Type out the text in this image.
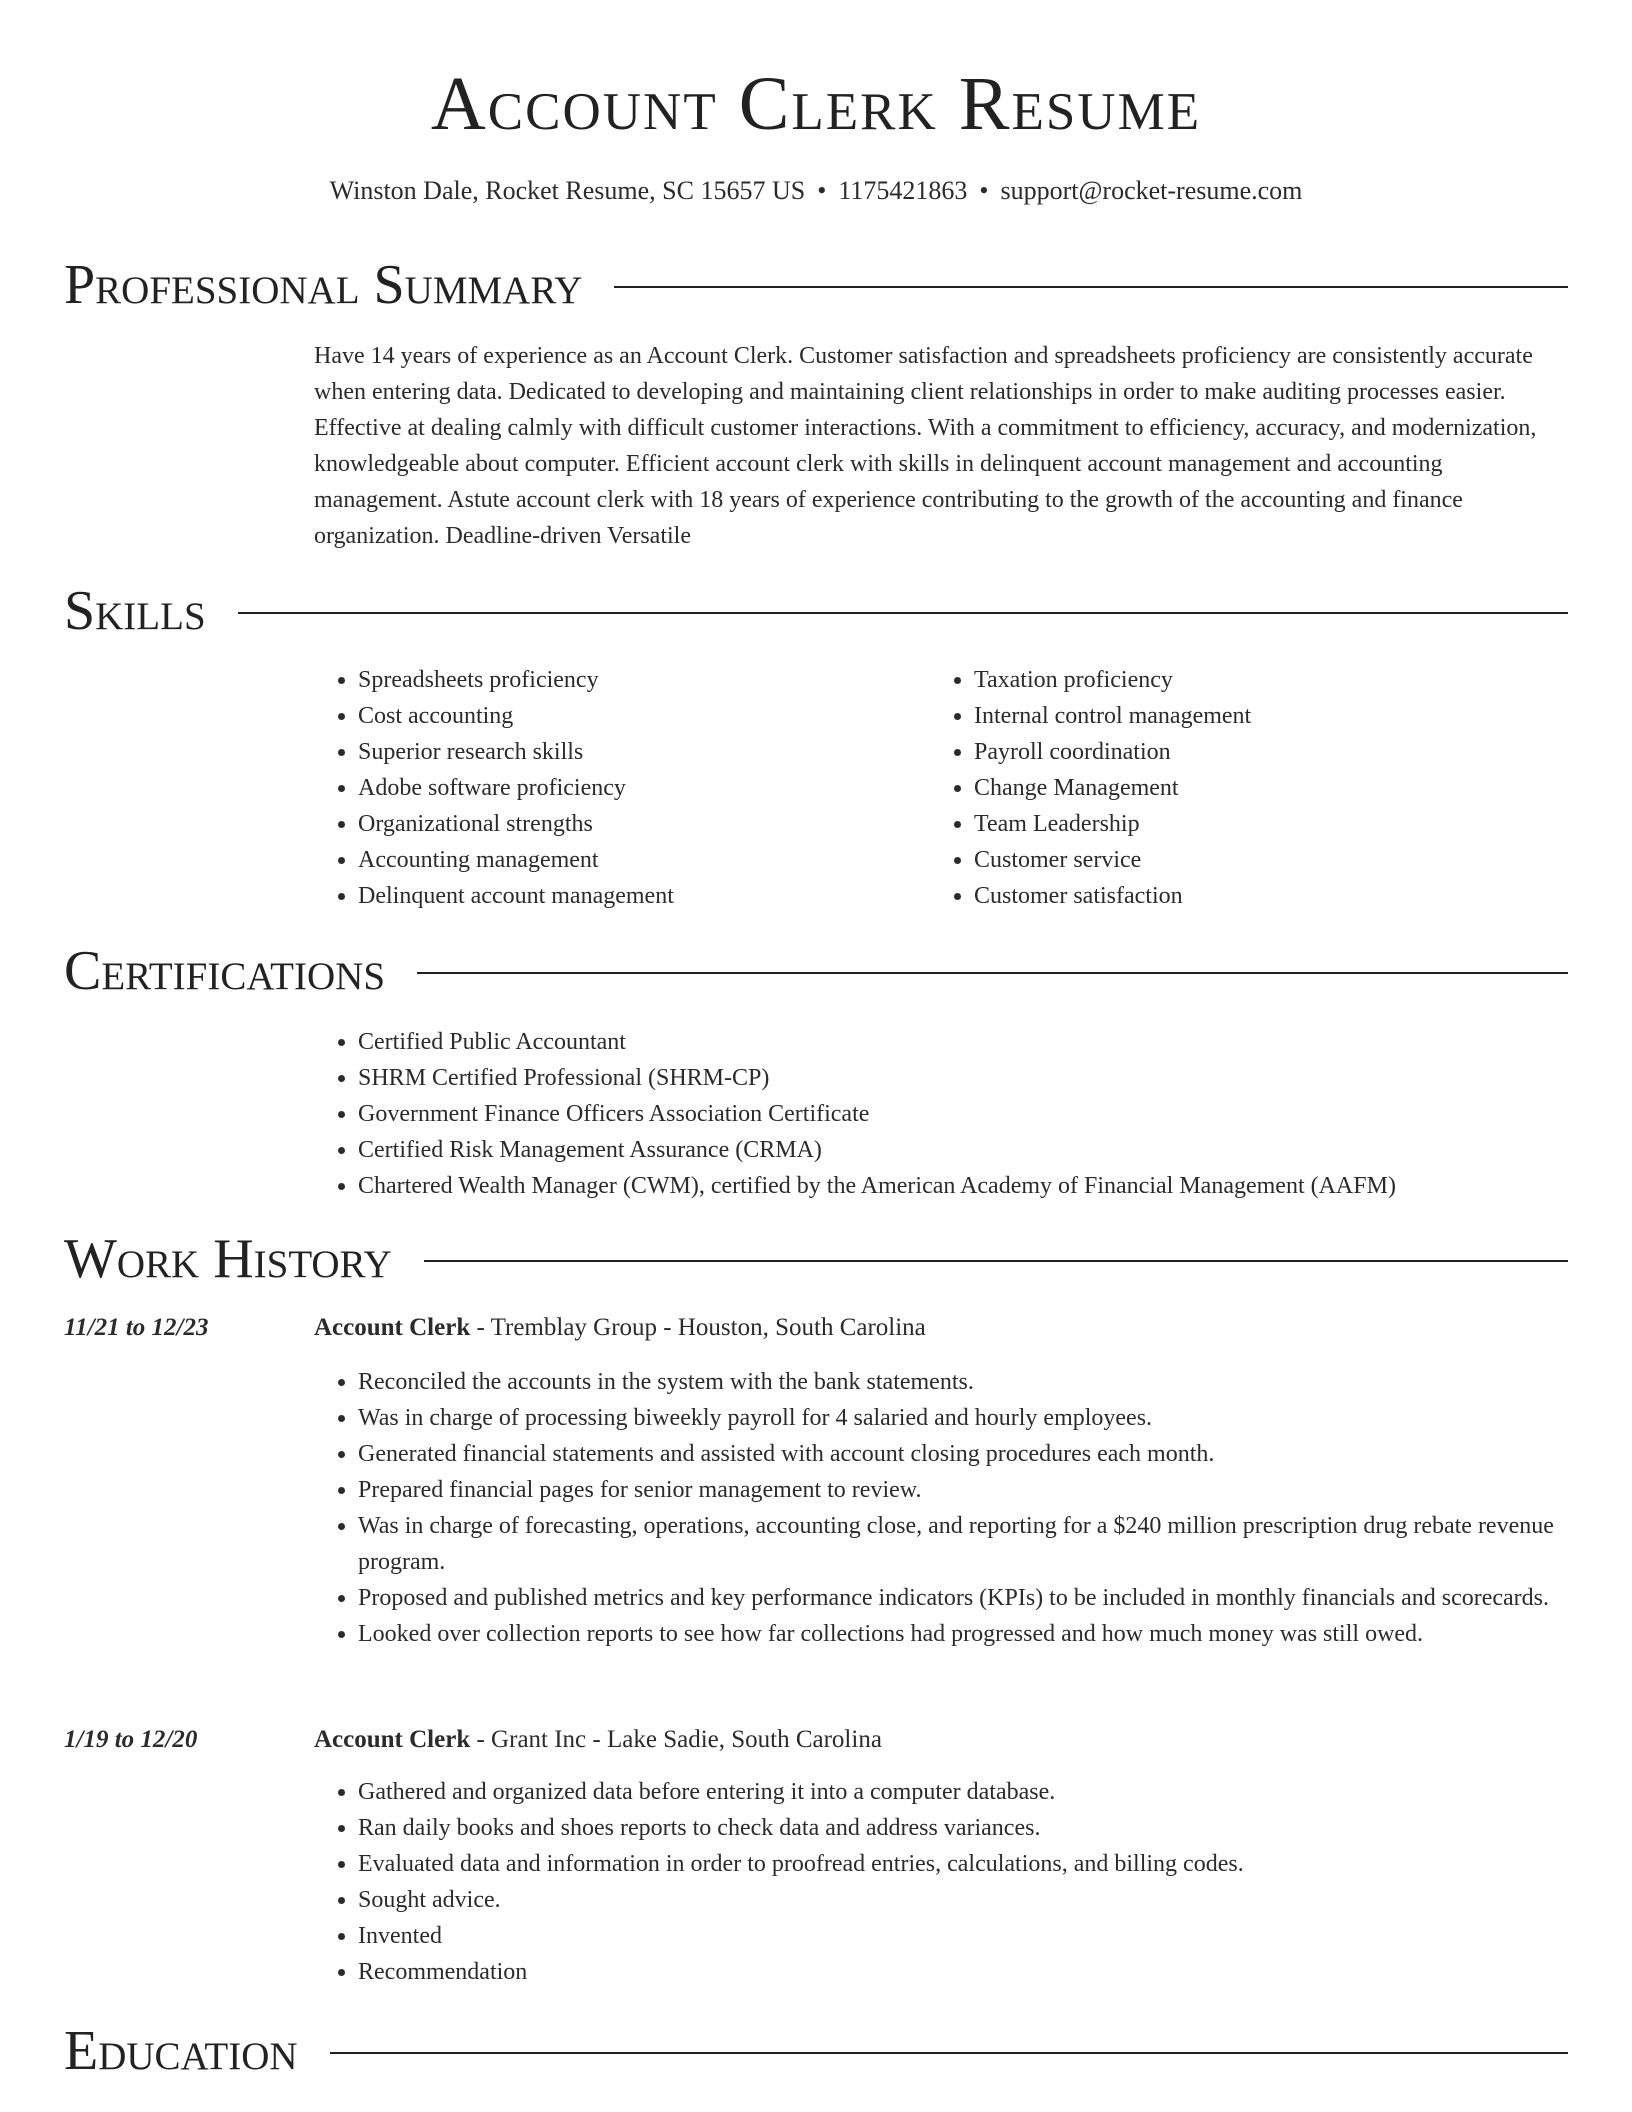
Account Clerk Resume
Winston Dale, Rocket Resume, SC 15657 US • 1175421863 • support@rocket-resume.com
Professional Summary

Have 14 years of experience as an Account Clerk. Customer satisfaction and spreadsheets proficiency are consistently accurate when entering data. Dedicated to developing and maintaining client relationships in order to make auditing processes easier. Effective at dealing calmly with difficult customer interactions. With a commitment to efficiency, accuracy, and modernization, knowledgeable about computer. Efficient account clerk with skills in delinquent account management and accounting management. Astute account clerk with 18 years of experience contributing to the growth of the accounting and finance organization. Deadline-driven Versatile

Skills
• Spreadsheets proficiency
• Cost accounting
• Superior research skills
• Adobe software proficiency
• Organizational strengths
• Accounting management
• Delinquent account management
• Taxation proficiency
• Internal control management
• Payroll coordination
• Change Management
• Team Leadership
• Customer service
• Customer satisfaction
Certifications
• Certified Public Accountant
• SHRM Certified Professional (SHRM-CP)
• Government Finance Officers Association Certificate
• Certified Risk Management Assurance (CRMA)
• Chartered Wealth Manager (CWM), certified by the American Academy of Financial Management (AAFM)
Work History
11/21 to 12/23	Account Clerk - Tremblay Group - Houston, South Carolina
• Reconciled the accounts in the system with the bank statements.
• Was in charge of processing biweekly payroll for 4 salaried and hourly employees.
• Generated financial statements and assisted with account closing procedures each month.
• Prepared financial pages for senior management to review.
• Was in charge of forecasting, operations, accounting close, and reporting for a $240 million prescription drug rebate revenue program.
• Proposed and published metrics and key performance indicators (KPIs) to be included in monthly financials and scorecards.
• Looked over collection reports to see how far collections had progressed and how much money was still owed.
1/19 to 12/20	Account Clerk - Grant Inc - Lake Sadie, South Carolina
• Gathered and organized data before entering it into a computer database.
• Ran daily books and shoes reports to check data and address variances.
• Evaluated data and information in order to proofread entries, calculations, and billing codes.
• Sought advice.
• Invented
• Recommendation
Education
